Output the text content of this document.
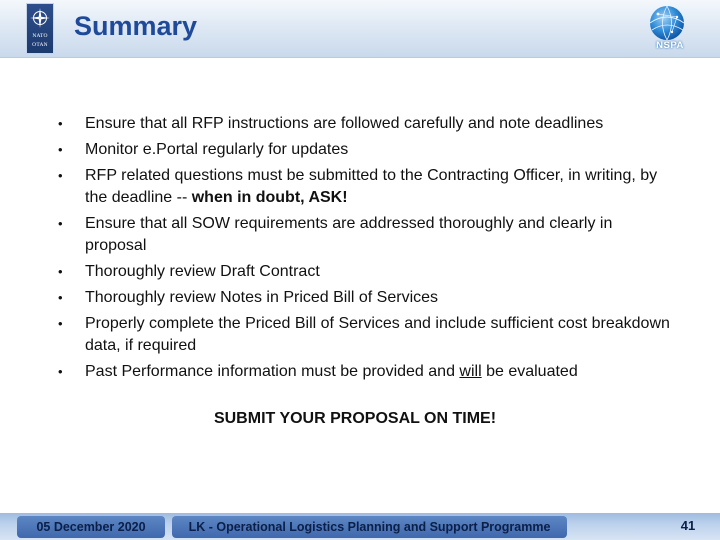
NATO
OTAN
Summary
NSPA
• Ensure that all RFP instructions are followed carefully and note deadlines
• Monitor e.Portal regularly for updates
• RFP related questions must be submitted to the Contracting Officer, in writing, by the deadline -- when in doubt, ASK!
• Ensure that all SOW requirements are addressed thoroughly and clearly in proposal
• Thoroughly review Draft Contract
• Thoroughly review Notes in Priced Bill of Services
• Properly complete the Priced Bill of Services and include sufficient cost breakdown data, if required
• Past Performance information must be provided and will be evaluated
SUBMIT YOUR PROPOSAL ON TIME!
05 December 2020	LK - Operational Logistics Planning and Support Programme	41
